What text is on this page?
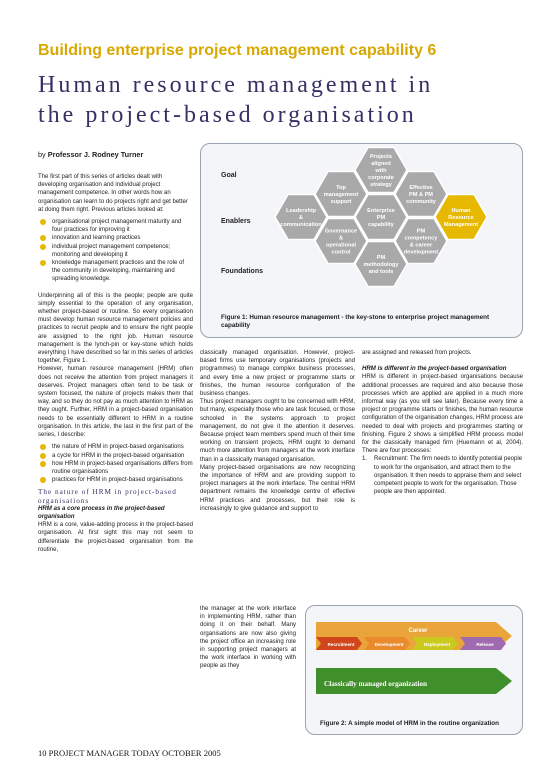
Building enterprise project management capability 6
Human resource management in
the project-based organisation
by Professor J. Rodney Turner

The first part of this series of articles dealt with developing organisation and individual project management competence. In other words how an organisation can learn to do projects right and get better at doing them right. Previous articles looked at:

organisational project management maturity and four practices for improving it
innovation and learning practices
individual project management competence; monitoring and developing it
knowledge management practices and the role of the community in developing, maintaining and spreading knowledge.

Underpinning all of this is the people; people are quite simply essential to the operation of any organisation, whether project-based or routine. So every organisation must develop human resource management policies and practices to recruit people and to ensure the right people are assigned to the right job. Human resource management is the lynch-pin or key-stone which holds everything I have described so far in this series of articles together, Figure 1.

However, human resource management (HRM) often does not receive the attention from project managers it deserves. Project managers often tend to be task or system focused, the nature of projects makes them that way, and so they do not pay as much attention to HRM as they ought. Further, HRM in a project-based organisation needs to be essentially different to HRM in a routine organisation. In this article, the last in the first part of the series, I describe:

the nature of HRM in project-based organisations
a cycle for HRM in the project-based organisation
how HRM in project-based organisations differs from routine organisations
practices for HRM in project-based organisations

The nature of HRM in project-based organisations

HRM as a core process in the project-based organisation

HRM is a core, value-adding process in the project-based organisation. At first sight this may not seem to differentiate the project-based organisation from the routine,

classically managed organisation. However, project-based firms use temporary organisations (projects and programmes) to manage complex business processes, and every time a new project or programme starts or finishes, the human resource configuration of the business changes.

Thus project managers ought to be concerned with HRM, but many, especially those who are task focused, or those schooled in the systems approach to project management, do not give it the attention it deserves. Because project team members spend much of their time working on transient projects, HRM ought to demand much more attention from managers at the work interface than in a classically managed organisation.

Many project-based organisations are now recognizing the importance of HRM and are providing support to project managers at the work interface. The central HRM department remains the knowledge centre of effective HRM practices and processes, but their role is increasingly to give guidance and support to

the manager at the work interface in implementing HRM, rather than doing it on their behalf. Many organisations are now also giving the project office an increasing role in supporting project managers at the work interface in working with people as they

are assigned and released from projects.

HRM is different in the project-based organisation

HRM is different in project-based organisations because additional processes are required and also because those processes which are applied are applied in a much more informal way (as you will see later). Because every time a project or programme starts or finishes, the human resource configuration of the organisation changes, HRM process are needed to deal with projects and programmes starting or finishing. Figure 2 shows a simplified HRM process model for the classically managed firm (Huemann et al, 2004). There are four processes:

1. Recruitment: The firm needs to identify potential people to work for the organisation, and attract them to the organisation. It then needs to appraise them and select competent people to work for the organisation. Those people are then appointed.
Goal
Enablers
Foundations
Projects aligned with corporate strategy
Top management support
Effective PM & PM community
Leadership & communication
Enterprise PM capability
Human Resource Management
Governance & operational control
PM competency & career development
PM methodology and tools
Figure 1: Human resource management - the key-stone to enterprise project management capability
Classically managed organization
Career
Recruitment	Development	Deployment	Release
Figure 2: A simple model of HRM in the routine organization
10 PROJECT MANAGER TODAY OCTOBER 2005
